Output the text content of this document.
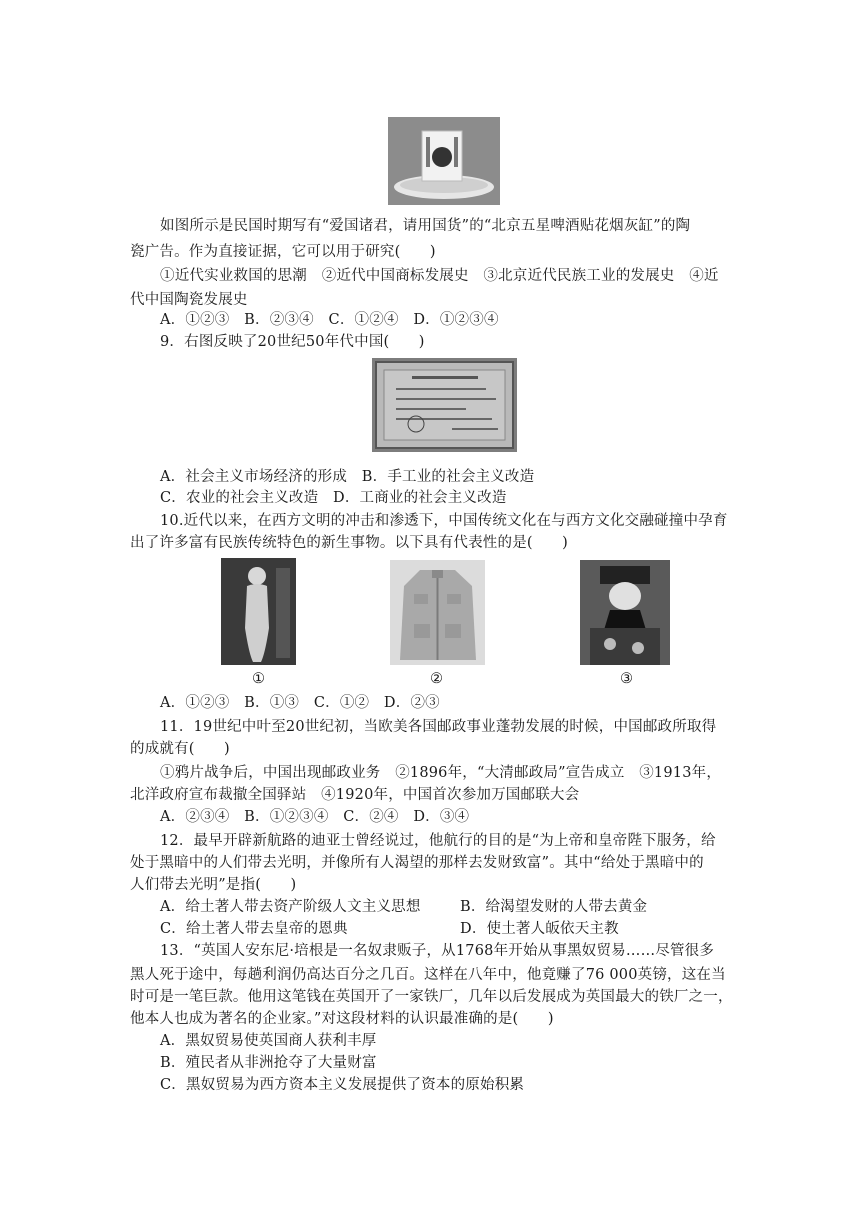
如图所示是民国时期写有“爱国诸君，请用国货”的“北京五星啤酒贴花烟灰缸”的陶
瓷广告。作为直接证据，它可以用于研究(　　)
①近代实业救国的思潮　②近代中国商标发展史　③北京近代民族工业的发展史　④近
代中国陶瓷发展史
A．①②③　B．②③④　C．①②④　D．①②③④
9．右图反映了20世纪50年代中国(　　)
A．社会主义市场经济的形成　B．手工业的社会主义改造
C．农业的社会主义改造　D．工商业的社会主义改造
10.近代以来，在西方文明的冲击和渗透下，中国传统文化在与西方文化交融碰撞中孕育
出了许多富有民族传统特色的新生事物。以下具有代表性的是(　　)
①	②	③
A．①②③　B．①③　C．①②　D．②③
11．19世纪中叶至20世纪初，当欧美各国邮政事业蓬勃发展的时候，中国邮政所取得
的成就有(　　)
①鸦片战争后，中国出现邮政业务　②1896年，“大清邮政局”宣告成立　③1913年，
北洋政府宣布裁撤全国驿站　④1920年，中国首次参加万国邮联大会
A．②③④　B．①②③④　C．②④　D．③④
12．最早开辟新航路的迪亚士曾经说过，他航行的目的是“为上帝和皇帝陛下服务，给
处于黑暗中的人们带去光明，并像所有人渴望的那样去发财致富”。其中“给处于黑暗中的
人们带去光明”是指(　　)
A．给土著人带去资产阶级人文主义思想	B．给渴望发财的人带去黄金
C．给土著人带去皇帝的恩典	D．使土著人皈依天主教
13．“英国人安东尼·培根是一名奴隶贩子，从1768年开始从事黑奴贸易……尽管很多
黑人死于途中，每趟利润仍高达百分之几百。这样在八年中，他竟赚了76 000英镑，这在当
时可是一笔巨款。他用这笔钱在英国开了一家铁厂，几年以后发展成为英国最大的铁厂之一，
他本人也成为著名的企业家。”对这段材料的认识最准确的是(　　)
A．黑奴贸易使英国商人获利丰厚
B．殖民者从非洲抢夺了大量财富
C．黑奴贸易为西方资本主义发展提供了资本的原始积累
